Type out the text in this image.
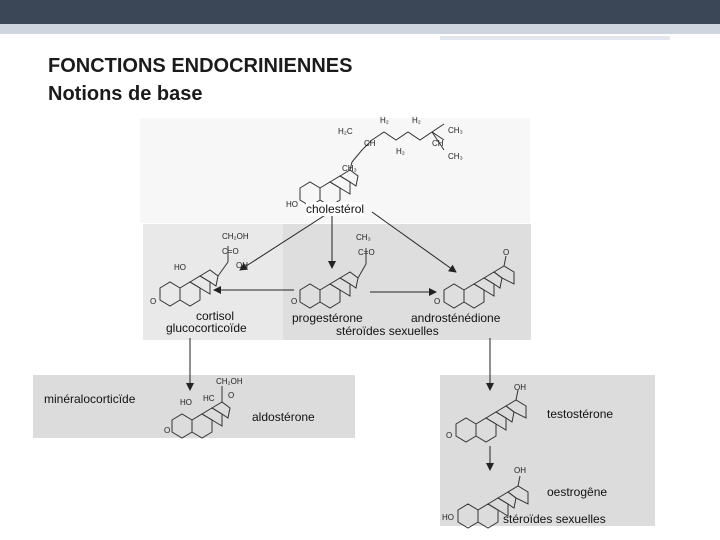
FONCTIONS ENDOCRINIENNES
Notions de base
cholestérol
cortisol
glucocorticoïde
progestérone	androsténédione
stéroïdes sexuelles
minéralocorticïde
aldostérone	testostérone
oestrogêne
stéroïdes sexuelles
H₂C
H₂	H₂
H₂
CH₃
CH	CH
CH₃
CH₃
HO
CH₂OH
C=O
OH
HO
O
CH₃
C=O
O
O
O
CH₂OH
HO HC O
O
OH
O
OH
HO
